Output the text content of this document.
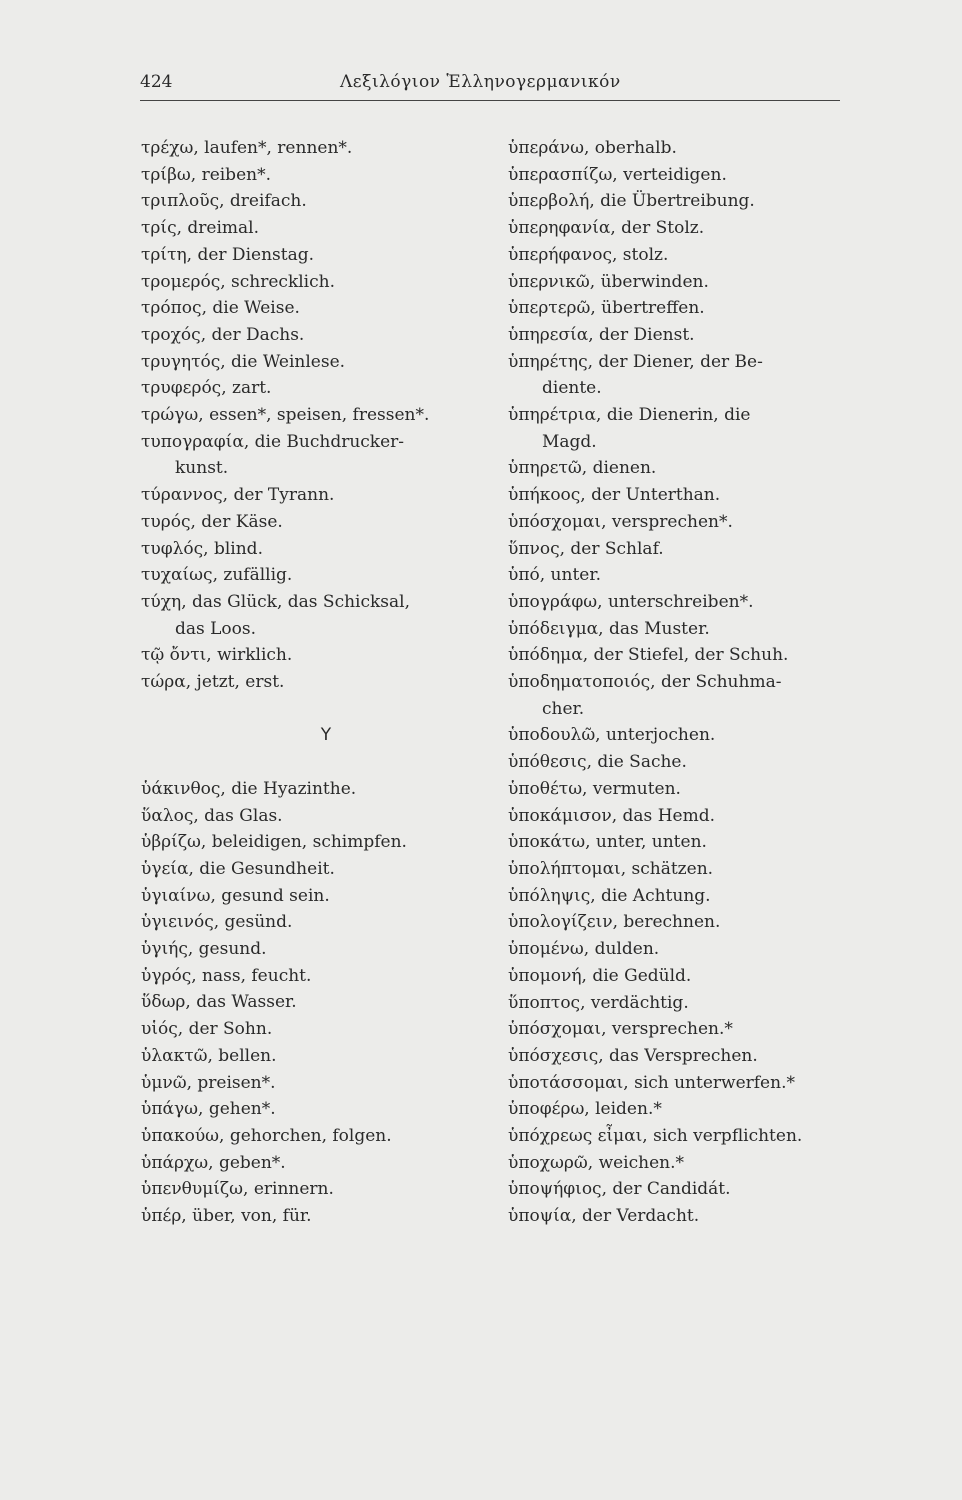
424	Λεξιλόγιον Ἑλληνογερμανικόν
τρέχω, laufen*, rennen*.
τρίβω, reiben*.
τριπλοῦς, dreifach.
τρίς, dreimal.
τρίτη, der Dienstag.
τρομερός, schrecklich.
τρόπος, die Weise.
τροχός, der Dachs.
τρυγητός, die Weinlese.
τρυφερός, zart.
τρώγω, essen*, speisen, fressen*.
τυπογραφία, die Buchdrucker-
kunst.
τύραννος, der Tyrann.
τυρός, der Käse.
τυφλός, blind.
τυχαίως, zufällig.
τύχη, das Glück, das Schicksal,
das Loos.
τῷ ὄντι, wirklich.
τώρα, jetzt, erst.
Υ
ὑάκινθος, die Hyazinthe.
ὕαλος, das Glas.
ὑβρίζω, beleidigen, schimpfen.
ὑγεία, die Gesundheit.
ὑγιαίνω, gesund sein.
ὑγιεινός, gesünd.
ὑγιής, gesund.
ὑγρός, nass, feucht.
ὕδωρ, das Wasser.
υἱός, der Sohn.
ὑλακτῶ, bellen.
ὑμνῶ, preisen*.
ὑπάγω, gehen*.
ὑπακούω, gehorchen, folgen.
ὑπάρχω, geben*.
ὑπενθυμίζω, erinnern.
ὑπέρ, über, von, für.
ὑπεράνω, oberhalb.
ὑπερασπίζω, verteidigen.
ὑπερβολή, die Übertreibung.
ὑπερηφανία, der Stolz.
ὑπερήφανος, stolz.
ὑπερνικῶ, überwinden.
ὑπερτερῶ, übertreffen.
ὑπηρεσία, der Dienst.
ὑπηρέτης, der Diener, der Be-
diente.
ὑπηρέτρια, die Dienerin, die
Magd.
ὑπηρετῶ, dienen.
ὑπήκοος, der Unterthan.
ὑπόσχομαι, versprechen*.
ὕπνος, der Schlaf.
ὑπό, unter.
ὑπογράφω, unterschreiben*.
ὑπόδειγμα, das Muster.
ὑπόδημα, der Stiefel, der Schuh.
ὑποδηματοποιός, der Schuhma-
cher.
ὑποδουλῶ, unterjochen.
ὑπόθεσις, die Sache.
ὑποθέτω, vermuten.
ὑποκάμισον, das Hemd.
ὑποκάτω, unter, unten.
ὑπολήπτομαι, schätzen.
ὑπόληψις, die Achtung.
ὑπολογίζειν, berechnen.
ὑπομένω, dulden.
ὑπομονή, die Gedüld.
ὕποπτος, verdächtig.
ὑπόσχομαι, versprechen.*
ὑπόσχεσις, das Versprechen.
ὑποτάσσομαι, sich unterwerfen.*
ὑποφέρω, leiden.*
ὑπόχρεως εἶμαι, sich verpflichten.
ὑποχωρῶ, weichen.*
ὑποψήφιος, der Candidát.
ὑποψία, der Verdacht.
